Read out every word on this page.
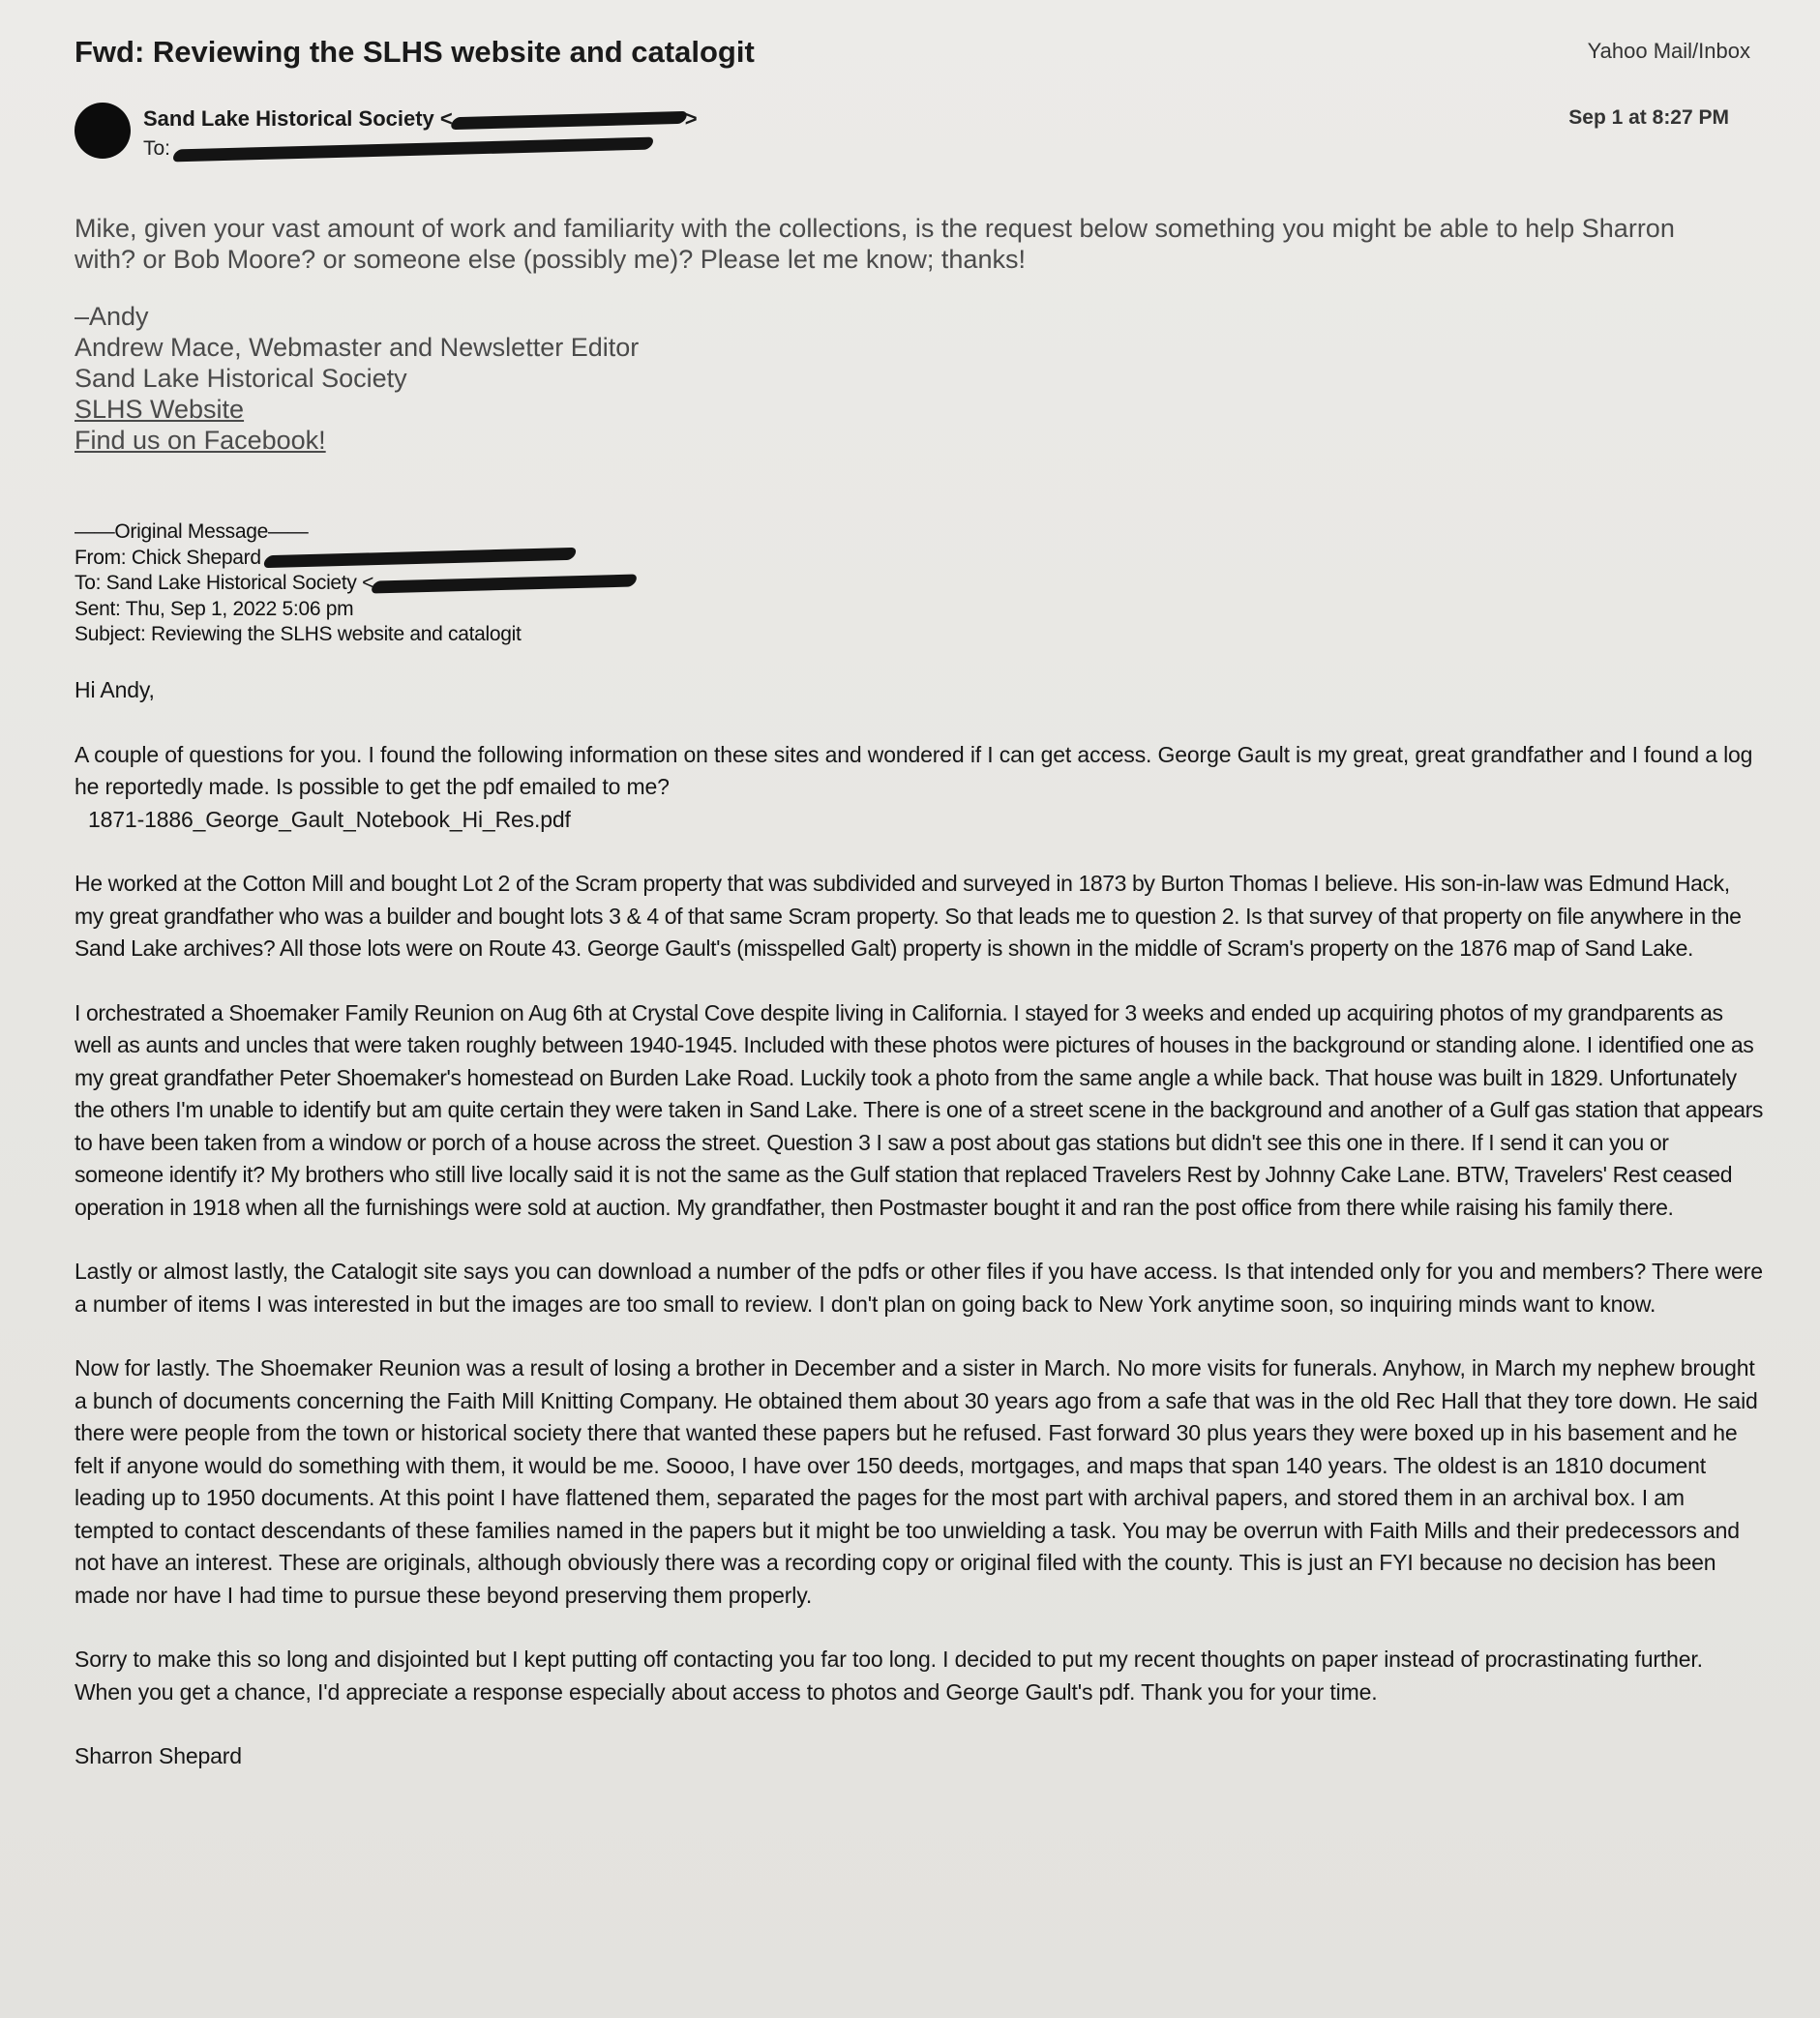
Fwd: Reviewing the SLHS website and catalogit	Yahoo Mail/Inbox
Sand Lake Historical Society <	>
To:
Sep 1 at 8:27 PM

Mike, given your vast amount of work and familiarity with the collections, is the request below something you might be able to help Sharron

with? or Bob Moore? or someone else (possibly me)? Please let me know; thanks!

–Andy
Andrew Mace, Webmaster and Newsletter Editor
Sand Lake Historical Society
SLHS Website
Find us on Facebook!
——Original Message——
From: Chick Shepard
To: Sand Lake Historical Society <
Sent: Thu, Sep 1, 2022 5:06 pm
Subject: Reviewing the SLHS website and catalogit

Hi Andy,

A couple of questions for you. I found the following information on these sites and wondered if I can get access. George Gault is my great, great grandfather and I found a log he reportedly made. Is possible to get the pdf emailed to me?
1871-1886_George_Gault_Notebook_Hi_Res.pdf

He worked at the Cotton Mill and bought Lot 2 of the Scram property that was subdivided and surveyed in 1873 by Burton Thomas I believe. His son-in-law was Edmund Hack, my great grandfather who was a builder and bought lots 3 & 4 of that same Scram property. So that leads me to question 2. Is that survey of that property on file anywhere in the Sand Lake archives? All those lots were on Route 43. George Gault's (misspelled Galt) property is shown in the middle of Scram's property on the 1876 map of Sand Lake.

I orchestrated a Shoemaker Family Reunion on Aug 6th at Crystal Cove despite living in California. I stayed for 3 weeks and ended up acquiring photos of my grandparents as well as aunts and uncles that were taken roughly between 1940-1945. Included with these photos were pictures of houses in the background or standing alone. I identified one as my great grandfather Peter Shoemaker's homestead on Burden Lake Road. Luckily took a photo from the same angle a while back. That house was built in 1829. Unfortunately the others I'm unable to identify but am quite certain they were taken in Sand Lake. There is one of a street scene in the background and another of a Gulf gas station that appears to have been taken from a window or porch of a house across the street. Question 3 I saw a post about gas stations but didn't see this one in there. If I send it can you or someone identify it? My brothers who still live locally said it is not the same as the Gulf station that replaced Travelers Rest by Johnny Cake Lane. BTW, Travelers' Rest ceased operation in 1918 when all the furnishings were sold at auction. My grandfather, then Postmaster bought it and ran the post office from there while raising his family there.

Lastly or almost lastly, the Catalogit site says you can download a number of the pdfs or other files if you have access. Is that intended only for you and members? There were a number of items I was interested in but the images are too small to review. I don't plan on going back to New York anytime soon, so inquiring minds want to know.

Now for lastly. The Shoemaker Reunion was a result of losing a brother in December and a sister in March. No more visits for funerals. Anyhow, in March my nephew brought a bunch of documents concerning the Faith Mill Knitting Company. He obtained them about 30 years ago from a safe that was in the old Rec Hall that they tore down. He said there were people from the town or historical society there that wanted these papers but he refused. Fast forward 30 plus years they were boxed up in his basement and he felt if anyone would do something with them, it would be me. Soooo, I have over 150 deeds, mortgages, and maps that span 140 years. The oldest is an 1810 document leading up to 1950 documents. At this point I have flattened them, separated the pages for the most part with archival papers, and stored them in an archival box. I am tempted to contact descendants of these families named in the papers but it might be too unwielding a task. You may be overrun with Faith Mills and their predecessors and not have an interest. These are originals, although obviously there was a recording copy or original filed with the county. This is just an FYI because no decision has been made nor have I had time to pursue these beyond preserving them properly.

Sorry to make this so long and disjointed but I kept putting off contacting you far too long. I decided to put my recent thoughts on paper instead of procrastinating further. When you get a chance, I'd appreciate a response especially about access to photos and George Gault's pdf. Thank you for your time.

Sharron Shepard
